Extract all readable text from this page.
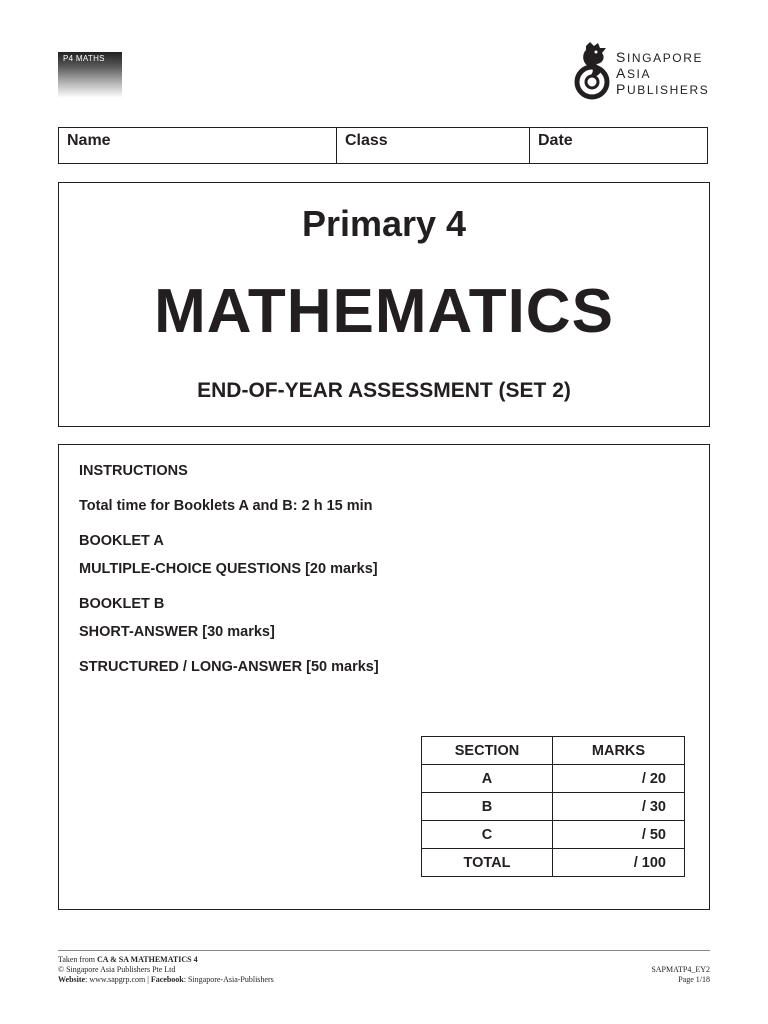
P4 MATHS	SINGAPORE
ASIA
PUBLISHERS
Name	Class	Date
Primary 4
MATHEMATICS
END-OF-YEAR ASSESSMENT (SET 2)
INSTRUCTIONS
Total time for Booklets A and B: 2 h 15 min
BOOKLET A
MULTIPLE-CHOICE QUESTIONS [20 marks]
BOOKLET B
SHORT-ANSWER [30 marks]
STRUCTURED / LONG-ANSWER [50 marks]
SECTION	MARKS
A	/ 20
B	/ 30
C	/ 50
TOTAL	/ 100
Taken from CA & SA MATHEMATICS 4
© Singapore Asia Publishers Pte Ltd
Website: www.sapgrp.com | Facebook: Singapore-Asia-Publishers
SAPMATP4_EY2
Page 1/18
